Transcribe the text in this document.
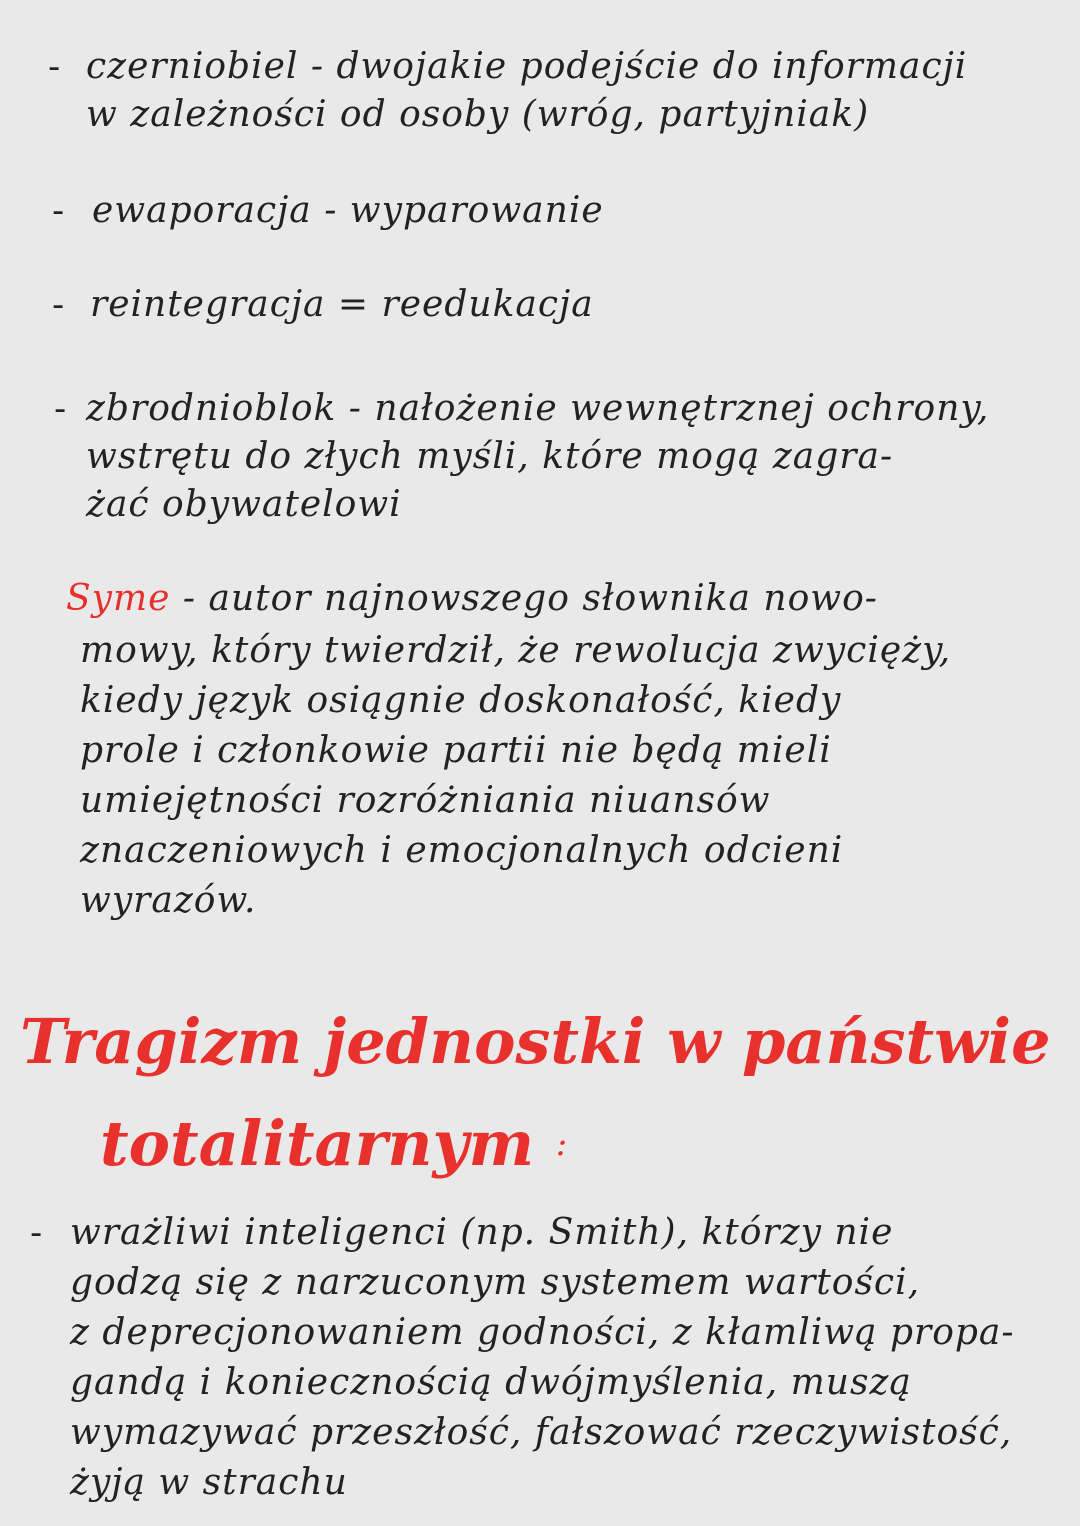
- czerniobiel - dwojakie podejście do informacji
w zależności od osoby (wróg, partyjniak)
- ewaporacja - wyparowanie
- reintegracja = reedukacja
- zbrodnioblok - nałożenie wewnętrznej ochrony,
wstrętu do złych myśli, które mogą zagra-
żać obywatelowi
Syme - autor najnowszego słownika nowo-
mowy, który twierdził, że rewolucja zwycięży,
kiedy język osiągnie doskonałość, kiedy
prole i członkowie partii nie będą mieli
umiejętności rozróżniania niuansów
znaczeniowych i emocjonalnych odcieni
wyrazów.
Tragizm jednostki w państwie
totalitarnym :
- wrażliwi inteligenci (np. Smith), którzy nie
godzą się z narzuconym systemem wartości,
z deprecjonowaniem godności, z kłamliwą propa-
gandą i koniecznością dwójmyślenia, muszą
wymazywać przeszłość, fałszować rzeczywistość,
żyją w strachu
